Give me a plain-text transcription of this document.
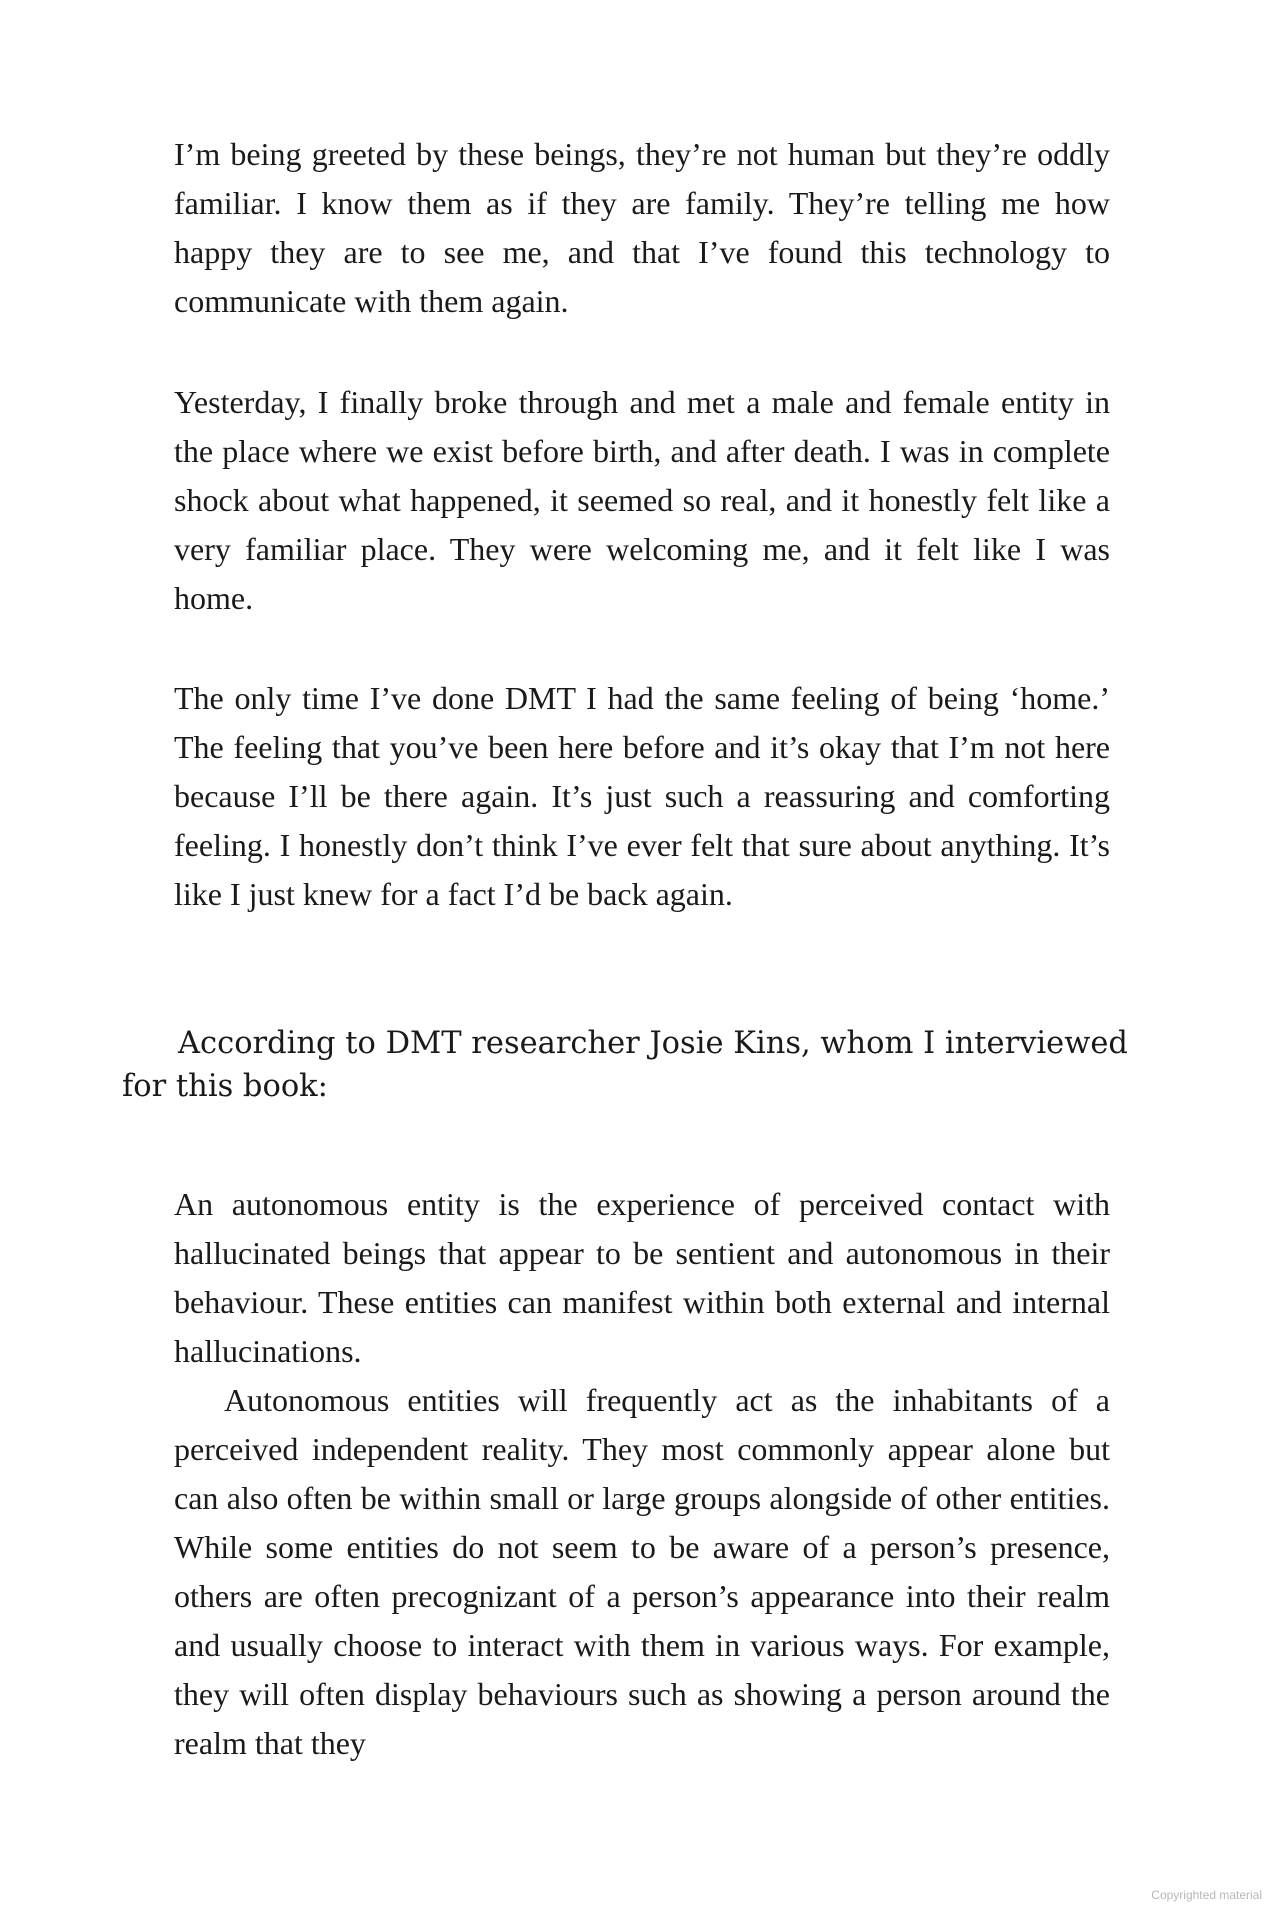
I’m being greeted by these beings, they’re not human but they’re oddly familiar. I know them as if they are family. They’re telling me how happy they are to see me, and that I’ve found this technology to communicate with them again.

Yesterday, I finally broke through and met a male and female entity in the place where we exist before birth, and after death. I was in complete shock about what happened, it seemed so real, and it honestly felt like a very familiar place. They were welcoming me, and it felt like I was home.

The only time I’ve done DMT I had the same feeling of being ‘home.’ The feeling that you’ve been here before and it’s okay that I’m not here because I’ll be there again. It’s just such a reassuring and comforting feeling. I honestly don’t think I’ve ever felt that sure about anything. It’s like I just knew for a fact I’d be back again.

According to DMT researcher Josie Kins, whom I interviewed
for this book:

An autonomous entity is the experience of perceived contact with hallucinated beings that appear to be sentient and autonomous in their behaviour. These entities can manifest within both external and internal hallucinations.

Autonomous entities will frequently act as the inhabitants of a perceived independent reality. They most commonly appear alone but can also often be within small or large groups alongside of other entities. While some entities do not seem to be aware of a person’s presence, others are often precognizant of a person’s appearance into their realm and usually choose to interact with them in various ways. For example, they will often display behaviours such as showing a person around the realm that they

Copyrighted material
